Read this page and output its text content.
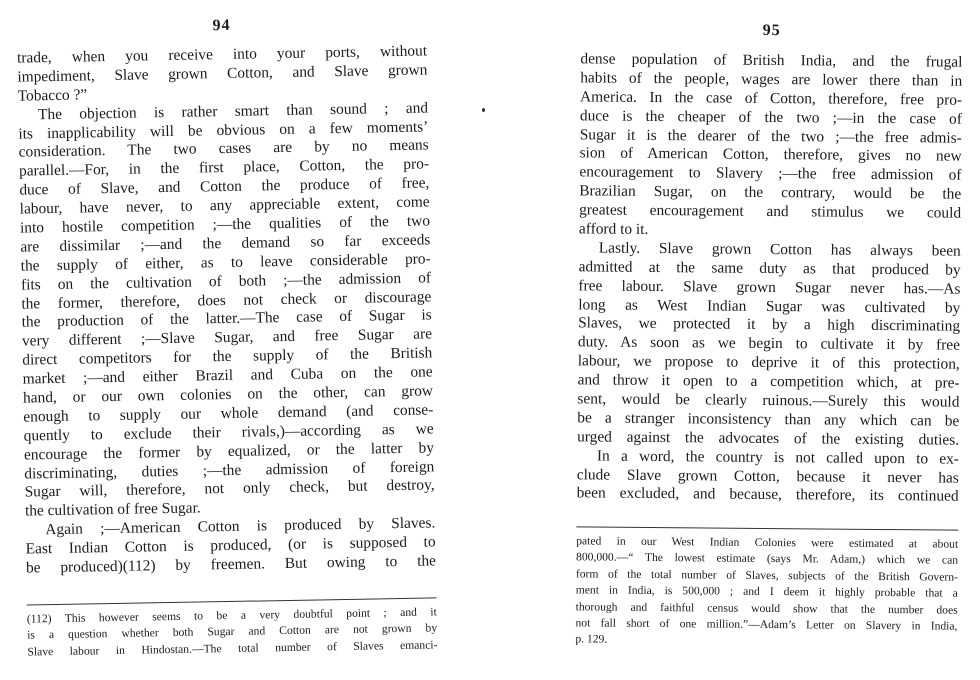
94
trade, when you receive into your ports, without
impediment, Slave grown Cotton, and Slave grown
Tobacco ?”
The objection is rather smart than sound ; and
its inapplicability will be obvious on a few moments’
consideration. The two cases are by no means
parallel.—For, in the first place, Cotton, the pro-
duce of Slave, and Cotton the produce of free,
labour, have never, to any appreciable extent, come
into hostile competition ;—the qualities of the two
are dissimilar ;—and the demand so far exceeds
the supply of either, as to leave considerable pro-
fits on the cultivation of both ;—the admission of
the former, therefore, does not check or discourage
the production of the latter.—The case of Sugar is
very different ;—Slave Sugar, and free Sugar are
direct competitors for the supply of the British
market ;—and either Brazil and Cuba on the one
hand, or our own colonies on the other, can grow
enough to supply our whole demand (and conse-
quently to exclude their rivals,)—according as we
encourage the former by equalized, or the latter by
discriminating, duties ;—the admission of foreign
Sugar will, therefore, not only check, but destroy,
the cultivation of free Sugar.
Again ;—American Cotton is produced by Slaves.
East Indian Cotton is produced, (or is supposed to
be produced)(112) by freemen. But owing to the
(112) This however seems to be a very doubtful point ; and it
is a question whether both Sugar and Cotton are not grown by
Slave labour in Hindostan.—The total number of Slaves emanci-
95
dense population of British India, and the frugal
habits of the people, wages are lower there than in
America. In the case of Cotton, therefore, free pro-
duce is the cheaper of the two ;—in the case of
Sugar it is the dearer of the two ;—the free admis-
sion of American Cotton, therefore, gives no new
encouragement to Slavery ;—the free admission of
Brazilian Sugar, on the contrary, would be the
greatest encouragement and stimulus we could
afford to it.
Lastly. Slave grown Cotton has always been
admitted at the same duty as that produced by
free labour. Slave grown Sugar never has.—As
long as West Indian Sugar was cultivated by
Slaves, we protected it by a high discriminating
duty. As soon as we begin to cultivate it by free
labour, we propose to deprive it of this protection,
and throw it open to a competition which, at pre-
sent, would be clearly ruinous.—Surely this would
be a stranger inconsistency than any which can be
urged against the advocates of the existing duties.
In a word, the country is not called upon to ex-
clude Slave grown Cotton, because it never has
been excluded, and because, therefore, its continued
pated in our West Indian Colonies were estimated at about
800,000.—“ The lowest estimate (says Mr. Adam,) which we can
form of the total number of Slaves, subjects of the British Govern-
ment in India, is 500,000 ; and I deem it highly probable that a
thorough and faithful census would show that the number does
not fall short of one million.”—Adam’s Letter on Slavery in India,
p. 129.
